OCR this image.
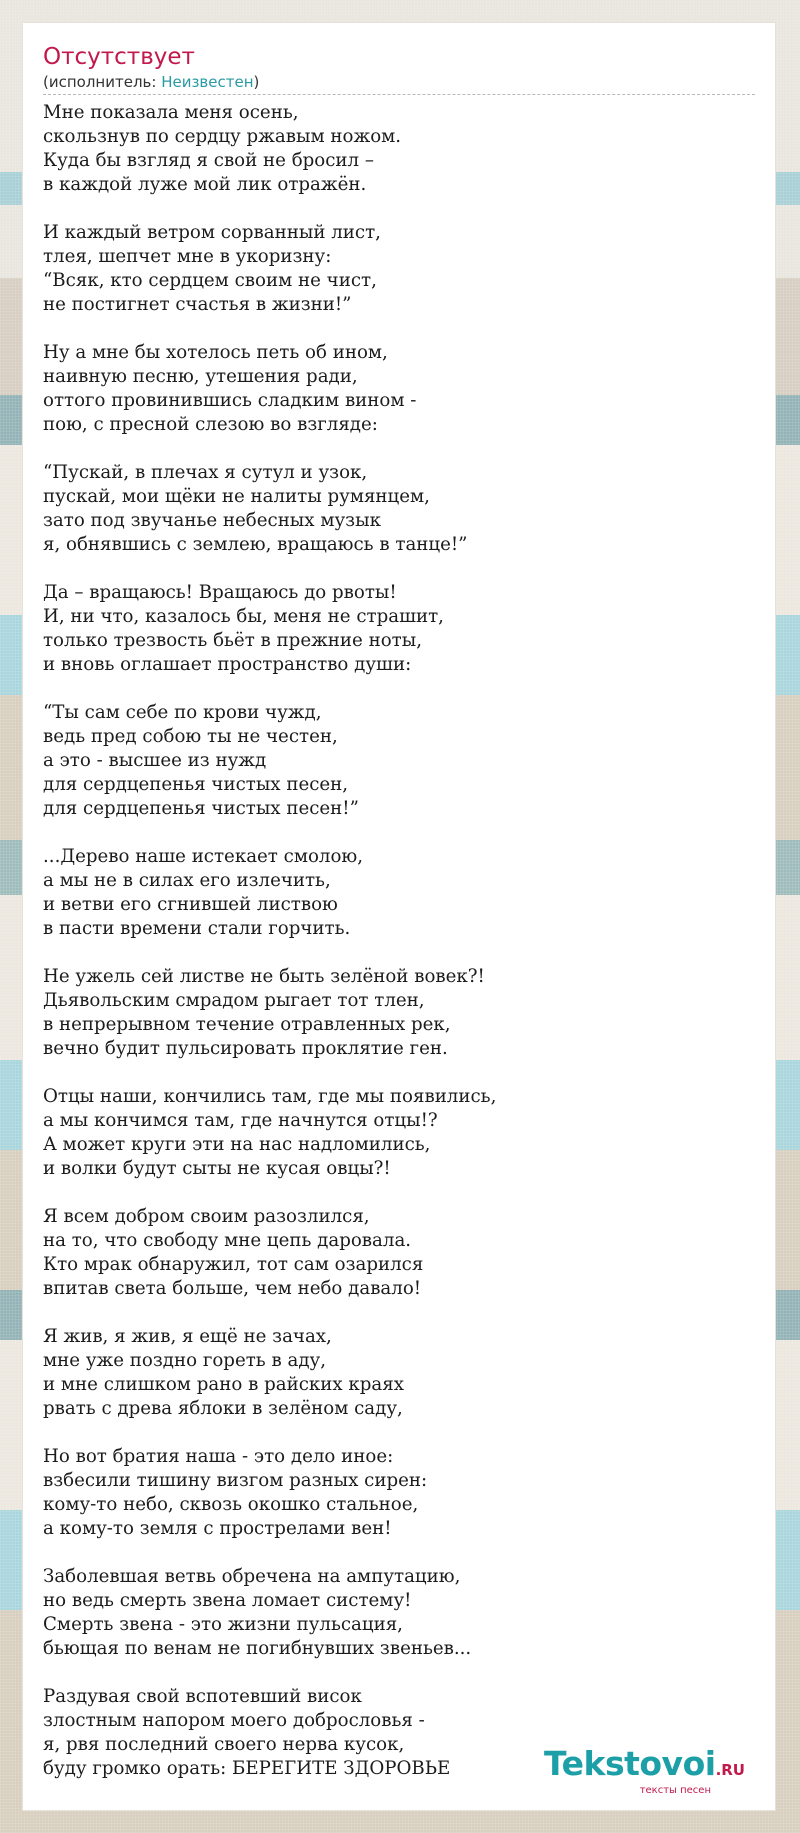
Отсутствует
(исполнитель: Неизвестен)

Мне показала меня осень,
скользнув по сердцу ржавым ножом.
Куда бы взгляд я свой не бросил –
в каждой луже мой лик отражён.

И каждый ветром сорванный лист,
тлея, шепчет мне в укоризну:
“Всяк, кто сердцем своим не чист,
не постигнет счастья в жизни!”

Ну а мне бы хотелось петь об ином,
наивную песню, утешения ради,
оттого провинившись сладким вином -
пою, с пресной слезою во взгляде:

“Пускай, в плечах я сутул и узок,
пускай, мои щёки не налиты румянцем,
зато под звучанье небесных музык
я, обнявшись с землею, вращаюсь в танце!”

Да – вращаюсь! Вращаюсь до рвоты!
И, ни что, казалось бы, меня не страшит,
только трезвость бьёт в прежние ноты,
и вновь оглашает пространство души:

“Ты сам себе по крови чужд,
ведь пред собою ты не честен,
а это - высшее из нужд
для сердцепенья чистых песен,
для сердцепенья чистых песен!”

...Дерево наше истекает смолою,
а мы не в силах его излечить,
и ветви его сгнившей листвою
в пасти времени стали горчить.

Не ужель сей листве не быть зелёной вовек?!
Дьявольским смрадом рыгает тот тлен,
в непрерывном течение отравленных рек,
вечно будит пульсировать проклятие ген.

Отцы наши, кончились там, где мы появились,
а мы кончимся там, где начнутся отцы!?
А может круги эти на нас надломились,
и волки будут сыты не кусая овцы?!

Я всем добром своим разозлился,
на то, что свободу мне цепь даровала.
Кто мрак обнаружил, тот сам озарился
впитав света больше, чем небо давало!

Я жив, я жив, я ещё не зачах,
мне уже поздно гореть в аду,
и мне слишком рано в райских краях
рвать с древа яблоки в зелёном саду,

Но вот братия наша - это дело иное:
взбесили тишину визгом разных сирен:
кому-то небо, сквозь окошко стальное,
а кому-то земля с прострелами вен!

Заболевшая ветвь обречена на ампутацию,
но ведь смерть звена ломает систему!
Смерть звена - это жизни пульсация,
бьющая по венам не погибнувших звеньев...

Раздувая свой вспотевший висок
злостным напором моего добрословья -
я, рвя последний своего нерва кусок,
буду громко орать: БЕРЕГИТЕ ЗДОРОВЬЕ	Tekstovoi.RU
тексты песен
